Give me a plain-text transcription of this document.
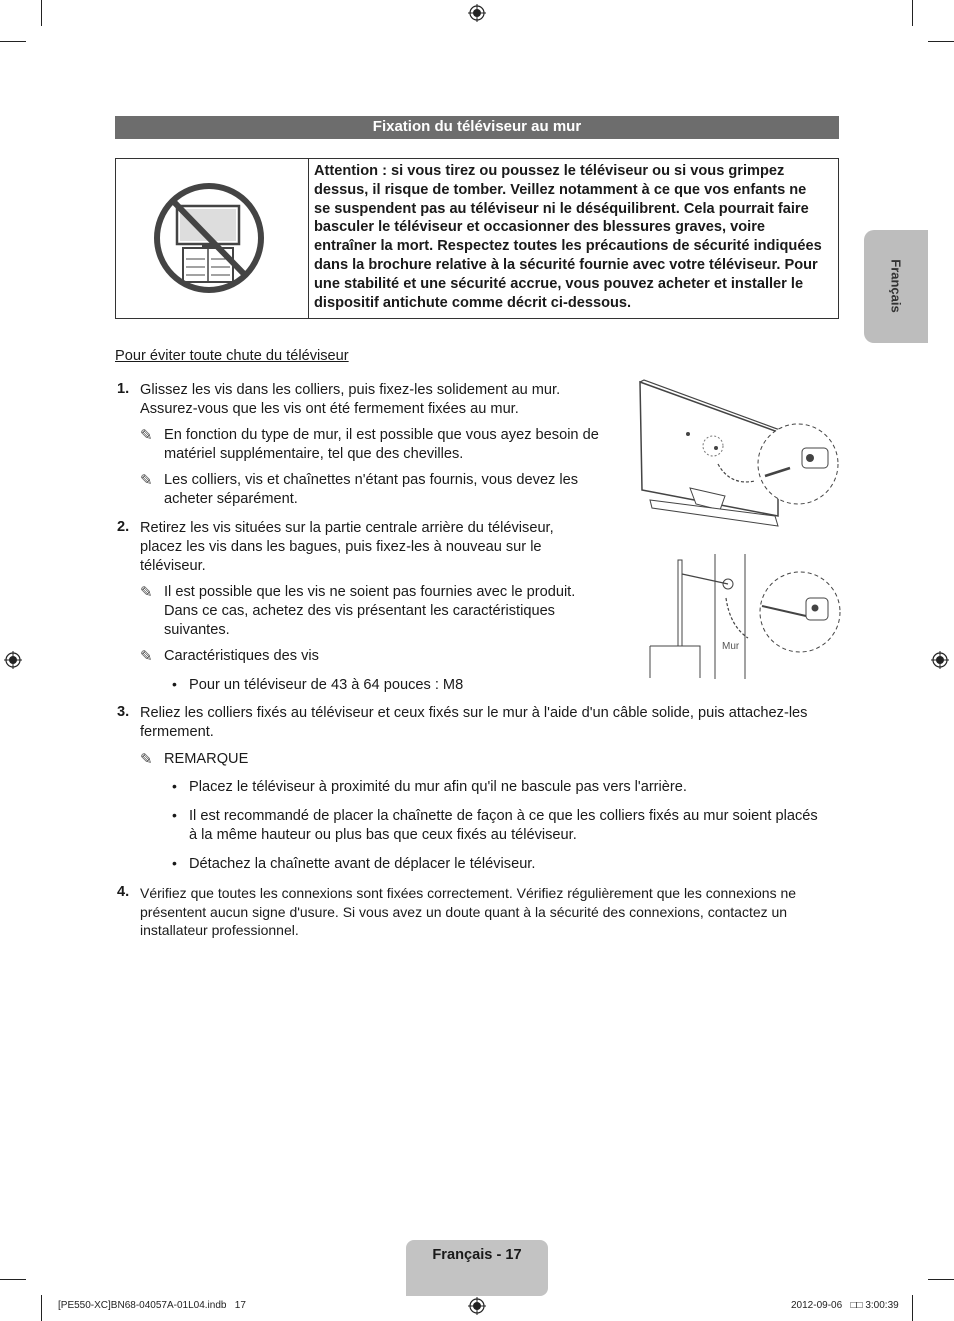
Fixation du téléviseur au mur
Attention : si vous tirez ou poussez le téléviseur ou si vous grimpez dessus, il risque de tomber. Veillez notamment à ce que vos enfants ne se suspendent pas au téléviseur ni le déséquilibrent. Cela pourrait faire basculer le téléviseur et occasionner des blessures graves, voire entraîner la mort. Respectez toutes les précautions de sécurité indiquées dans la brochure relative à la sécurité fournie avec votre téléviseur. Pour une stabilité et une sécurité accrue, vous pouvez acheter et installer le dispositif antichute comme décrit ci-dessous.	Français
Pour éviter toute chute du téléviseur
1. Glissez les vis dans les colliers, puis fixez-les solidement au mur. Assurez-vous que les vis ont été fermement fixées au mur.
✎ En fonction du type de mur, il est possible que vous ayez besoin de matériel supplémentaire, tel que des chevilles.
✎ Les colliers, vis et chaînettes n'étant pas fournis, vous devez les acheter séparément.
2. Retirez les vis situées sur la partie centrale arrière du téléviseur, placez les vis dans les bagues, puis fixez-les à nouveau sur le téléviseur.
✎ Il est possible que les vis ne soient pas fournies avec le produit. Dans ce cas, achetez des vis présentant les caractéristiques suivantes.
✎ Caractéristiques des vis
• Pour un téléviseur de 43 à 64 pouces : M8
Mur
3. Reliez les colliers fixés au téléviseur et ceux fixés sur le mur à l'aide d'un câble solide, puis attachez-les fermement.
✎ REMARQUE
• Placez le téléviseur à proximité du mur afin qu'il ne bascule pas vers l'arrière.
• Il est recommandé de placer la chaînette de façon à ce que les colliers fixés au mur soient placés à la même hauteur ou plus bas que ceux fixés au téléviseur.
• Détachez la chaînette avant de déplacer le téléviseur.
4. Vérifiez que toutes les connexions sont fixées correctement. Vérifiez régulièrement que les connexions ne présentent aucun signe d'usure. Si vous avez un doute quant à la sécurité des connexions, contactez un installateur professionnel.
Français - 17
[PE550-XC]BN68-04057A-01L04.indb   17	2012-09-06   □□ 3:00:39
